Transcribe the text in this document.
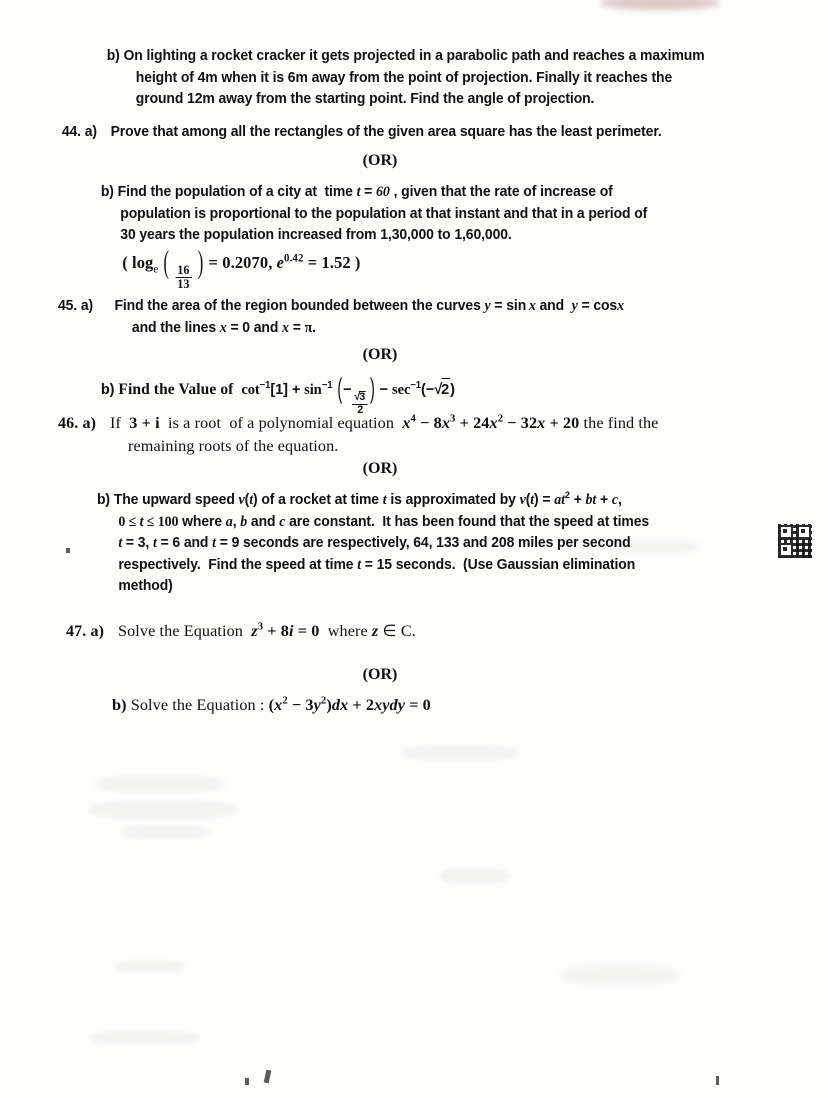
b) On lighting a rocket cracker it gets projected in a parabolic path and reaches a maximum
height of 4m when it is 6m away from the point of projection. Finally it reaches the
ground 12m away from the starting point. Find the angle of projection.
44. a) Prove that among all the rectangles of the given area square has the least perimeter.
(OR)
b) Find the population of a city at  time t = 60 , given that the rate of increase of
population is proportional to the population at that instant and that in a period of
30 years the population increased from 1,30,000 to 1,60,000.
( $\log_e$ ( $\frac{16}{13}$ ) = 0.2070, $e^{0.42} = 1.52$ )
45. a) Find the area of the region bounded between the curves y = sin x and  y = cosx
and the lines x = 0 and x = π.
(OR)
b) Find the Value of $\cot^{-1}[1] + \sin^{-1}$ (−
$\frac{√3}{2}$ ) − $\sec^{-1}(-√2)$
46. a) If 3 + i is a root  of a polynomial equation $x^4 - 8x^3 + 24x^2 - 32x + 20$ the find the
remaining roots of the equation.
(OR)
b) The upward speed v(t) of a rocket at time t is approximated by $v(t) = at^2$ + bt + c,
0 ≤ t ≤ 100 where a, b and c are constant.  It has been found that the speed at times
t = 3, t = 6 and t = 9 seconds are respectively, 64, 133 and 208 miles per second
respectively.  Find the speed at time t = 15 seconds.  (Use Gaussian elimination
method)
47. a) Solve the Equation $z^3 + 8i = 0$ where z ∈ C.
(OR)
b) Solve the Equation : $(x^2 - 3y^2)dx$ + 2xydy = 0
